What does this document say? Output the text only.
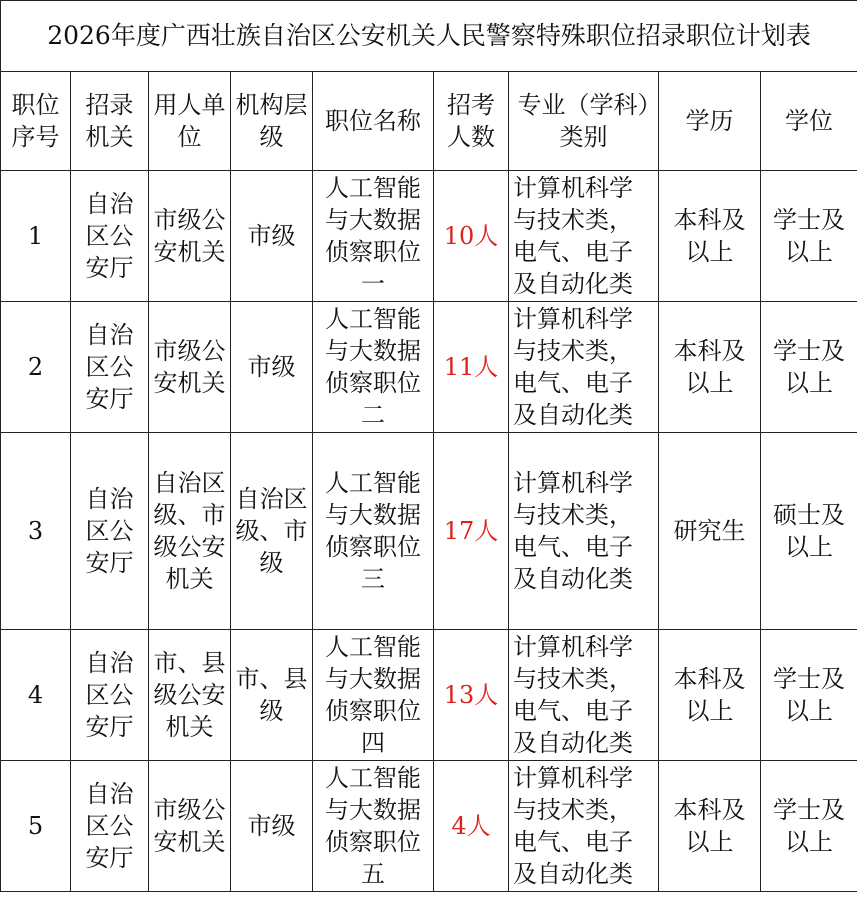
2026年度广西壮族自治区公安机关人民警察特殊职位招录职位计划表								
职位序号	招录机关	用人单位	机构层级	职位名称	招考人数	专业（学科）类别	学历	学位
1	自治区公安厅	市级公安机关	市级	人工智能与大数据侦察职位一	10人	计算机科学与技术类，电气、电子及自动化类	本科及以上	学士及以上
2	自治区公安厅	市级公安机关	市级	人工智能与大数据侦察职位二	11人	计算机科学与技术类，电气、电子及自动化类	本科及以上	学士及以上
3	自治区公安厅	自治区级、市级公安机关	自治区级、市级	人工智能与大数据侦察职位三	17人	计算机科学与技术类，电气、电子及自动化类	研究生	硕士及以上
4	自治区公安厅	市、县级公安机关	市、县级	人工智能与大数据侦察职位四	13人	计算机科学与技术类，电气、电子及自动化类	本科及以上	学士及以上
5	自治区公安厅	市级公安机关	市级	人工智能与大数据侦察职位五	4人	计算机科学与技术类，电气、电子及自动化类	本科及以上	学士及以上
